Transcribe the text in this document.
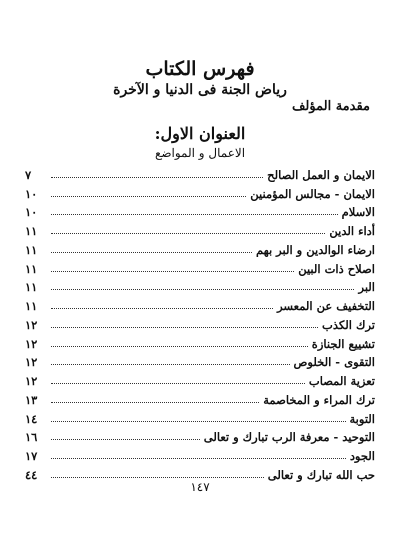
فهرس الكتاب
رياض الجنة فى الدنيا و الآخرة
مقدمة المؤلف
العنوان الاول:
الاعمال و المواضع
الايمان و العمل الصالح
٧
الايمان - مجالس المؤمنين
١٠
الاسلام
١٠
أداء الدين
١١
ارضاء الوالدين و البر بهم
١١
اصلاح ذات البين
١١
البر
١١
التخفيف عن المعسر
١١
ترك الكذب
١٢
تشييع الجنازة
١٢
التقوى - الخلوص
١٢
تعزية المصاب
١٢
ترك المراء و المخاصمة
١٣
التوبة
١٤
التوحيد - معرفة الرب تبارك و تعالى
١٦
الجود
١٧
حب الله تبارك و تعالى
٤٤
١٤٧
